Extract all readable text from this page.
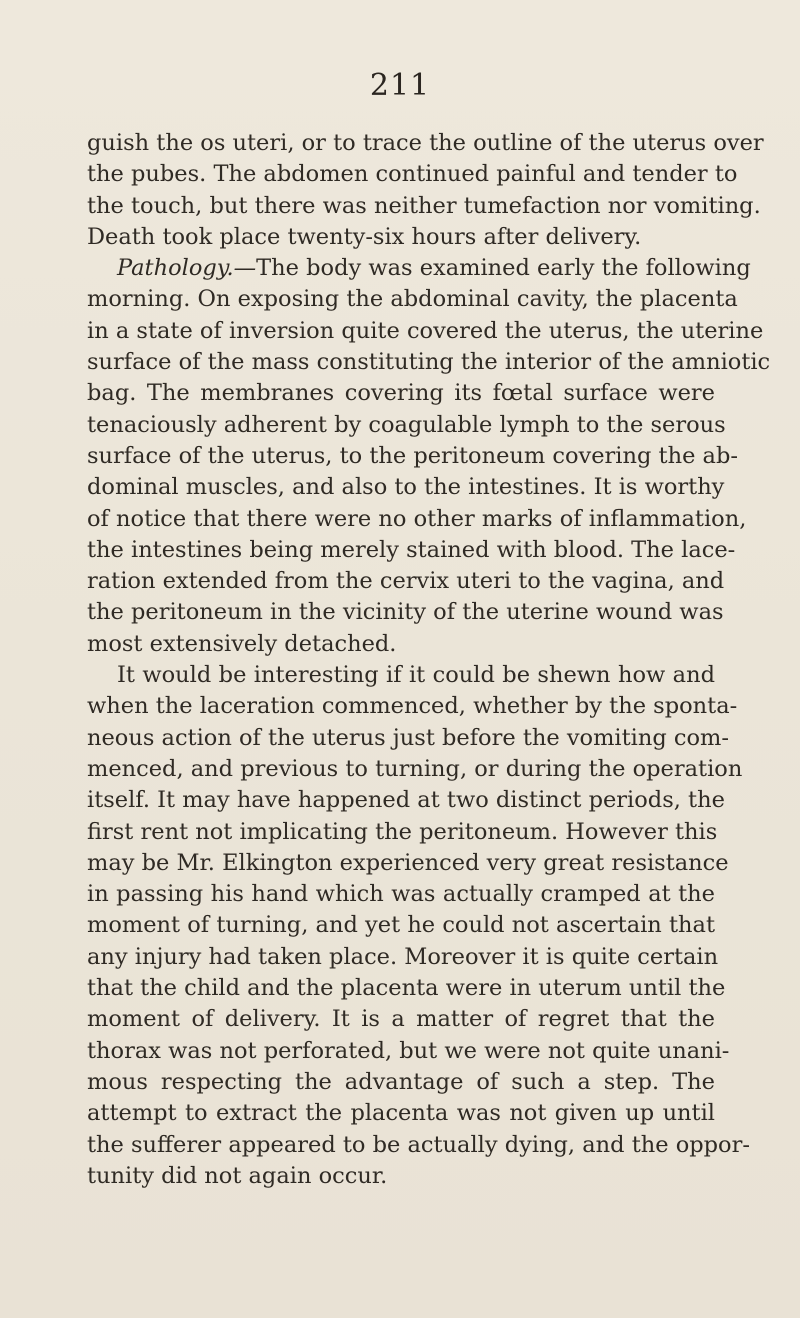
211
guish the os uteri, or to trace the outline of the uterus over
the pubes. The abdomen continued painful and tender to
the touch, but there was neither tumefaction nor vomiting.
Death took place twenty-six hours after delivery.
Pathology.—The body was examined early the following
morning. On exposing the abdominal cavity, the placenta
in a state of inversion quite covered the uterus, the uterine
surface of the mass constituting the interior of the amniotic
bag. The membranes covering its fœtal surface were
tenaciously adherent by coagulable lymph to the serous
surface of the uterus, to the peritoneum covering the ab-
dominal muscles, and also to the intestines. It is worthy
of notice that there were no other marks of inflammation,
the intestines being merely stained with blood. The lace-
ration extended from the cervix uteri to the vagina, and
the peritoneum in the vicinity of the uterine wound was
most extensively detached.
It would be interesting if it could be shewn how and
when the laceration commenced, whether by the sponta-
neous action of the uterus just before the vomiting com-
menced, and previous to turning, or during the operation
itself. It may have happened at two distinct periods, the
first rent not implicating the peritoneum. However this
may be Mr. Elkington experienced very great resistance
in passing his hand which was actually cramped at the
moment of turning, and yet he could not ascertain that
any injury had taken place. Moreover it is quite certain
that the child and the placenta were in uterum until the
moment of delivery. It is a matter of regret that the
thorax was not perforated, but we were not quite unani-
mous respecting the advantage of such a step. The
attempt to extract the placenta was not given up until
the sufferer appeared to be actually dying, and the oppor-
tunity did not again occur.
